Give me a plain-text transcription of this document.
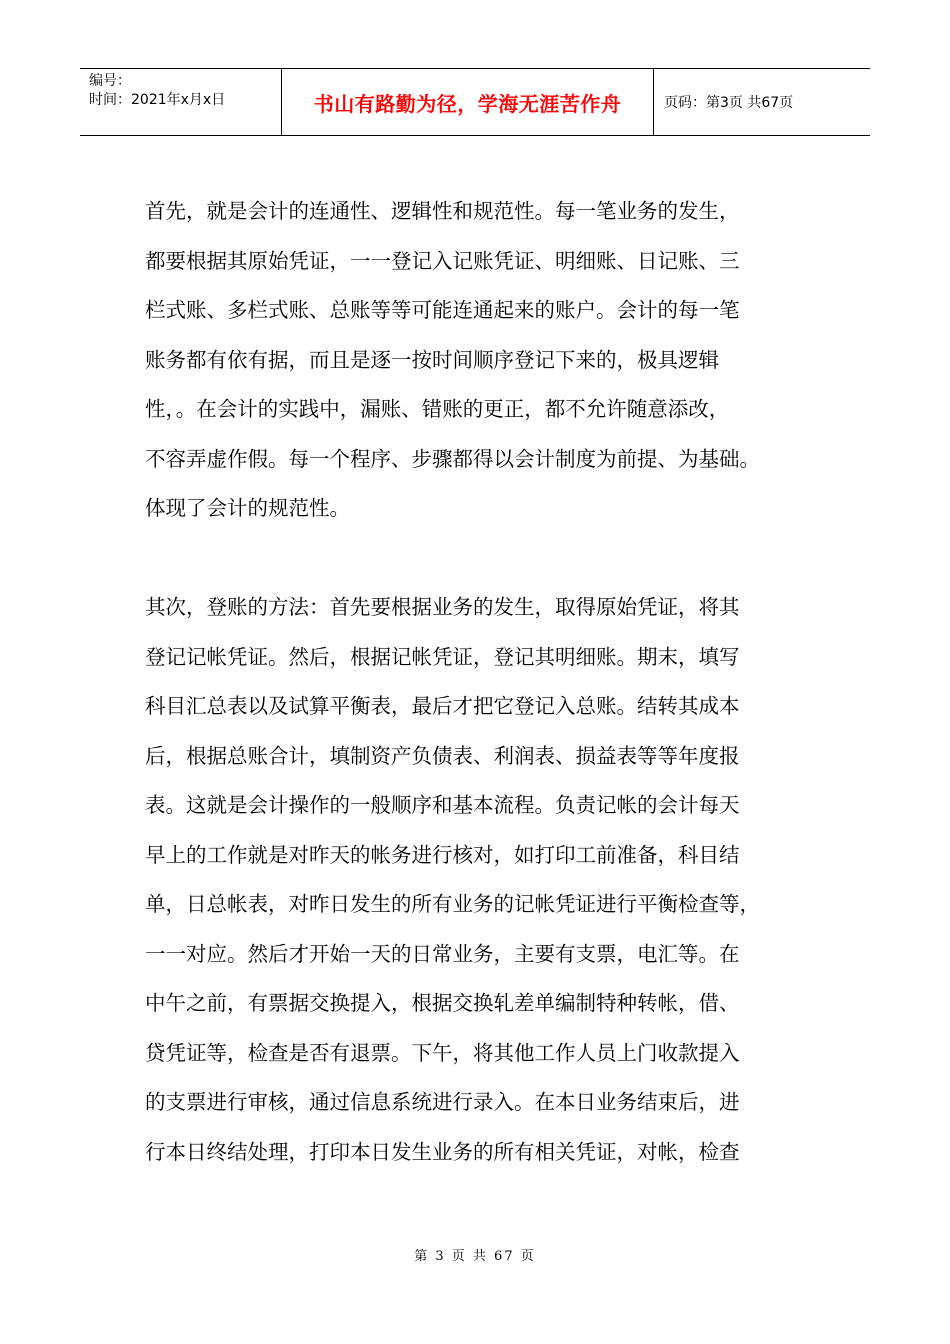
编号：
时间：2021年x月x日	书山有路勤为径，学海无涯苦作舟	页码：第3页 共67页
首先，就是会计的连通性、逻辑性和规范性。每一笔业务的发生，
都要根据其原始凭证，一一登记入记账凭证、明细账、日记账、三
栏式账、多栏式账、总账等等可能连通起来的账户。会计的每一笔
账务都有依有据，而且是逐一按时间顺序登记下来的，极具逻辑
性，。在会计的实践中，漏账、错账的更正，都不允许随意添改，
不容弄虚作假。每一个程序、步骤都得以会计制度为前提、为基础。
体现了会计的规范性。
其次，登账的方法：首先要根据业务的发生，取得原始凭证，将其
登记记帐凭证。然后，根据记帐凭证，登记其明细账。期末，填写
科目汇总表以及试算平衡表，最后才把它登记入总账。结转其成本
后，根据总账合计，填制资产负债表、利润表、损益表等等年度报
表。这就是会计操作的一般顺序和基本流程。负责记帐的会计每天
早上的工作就是对昨天的帐务进行核对，如打印工前准备，科目结
单，日总帐表，对昨日发生的所有业务的记帐凭证进行平衡检查等，
一一对应。然后才开始一天的日常业务，主要有支票，电汇等。在
中午之前，有票据交换提入，根据交换轧差单编制特种转帐，借、
贷凭证等，检查是否有退票。下午，将其他工作人员上门收款提入
的支票进行审核，通过信息系统进行录入。在本日业务结束后，进
行本日终结处理，打印本日发生业务的所有相关凭证，对帐，检查
第 3 页 共 67 页
